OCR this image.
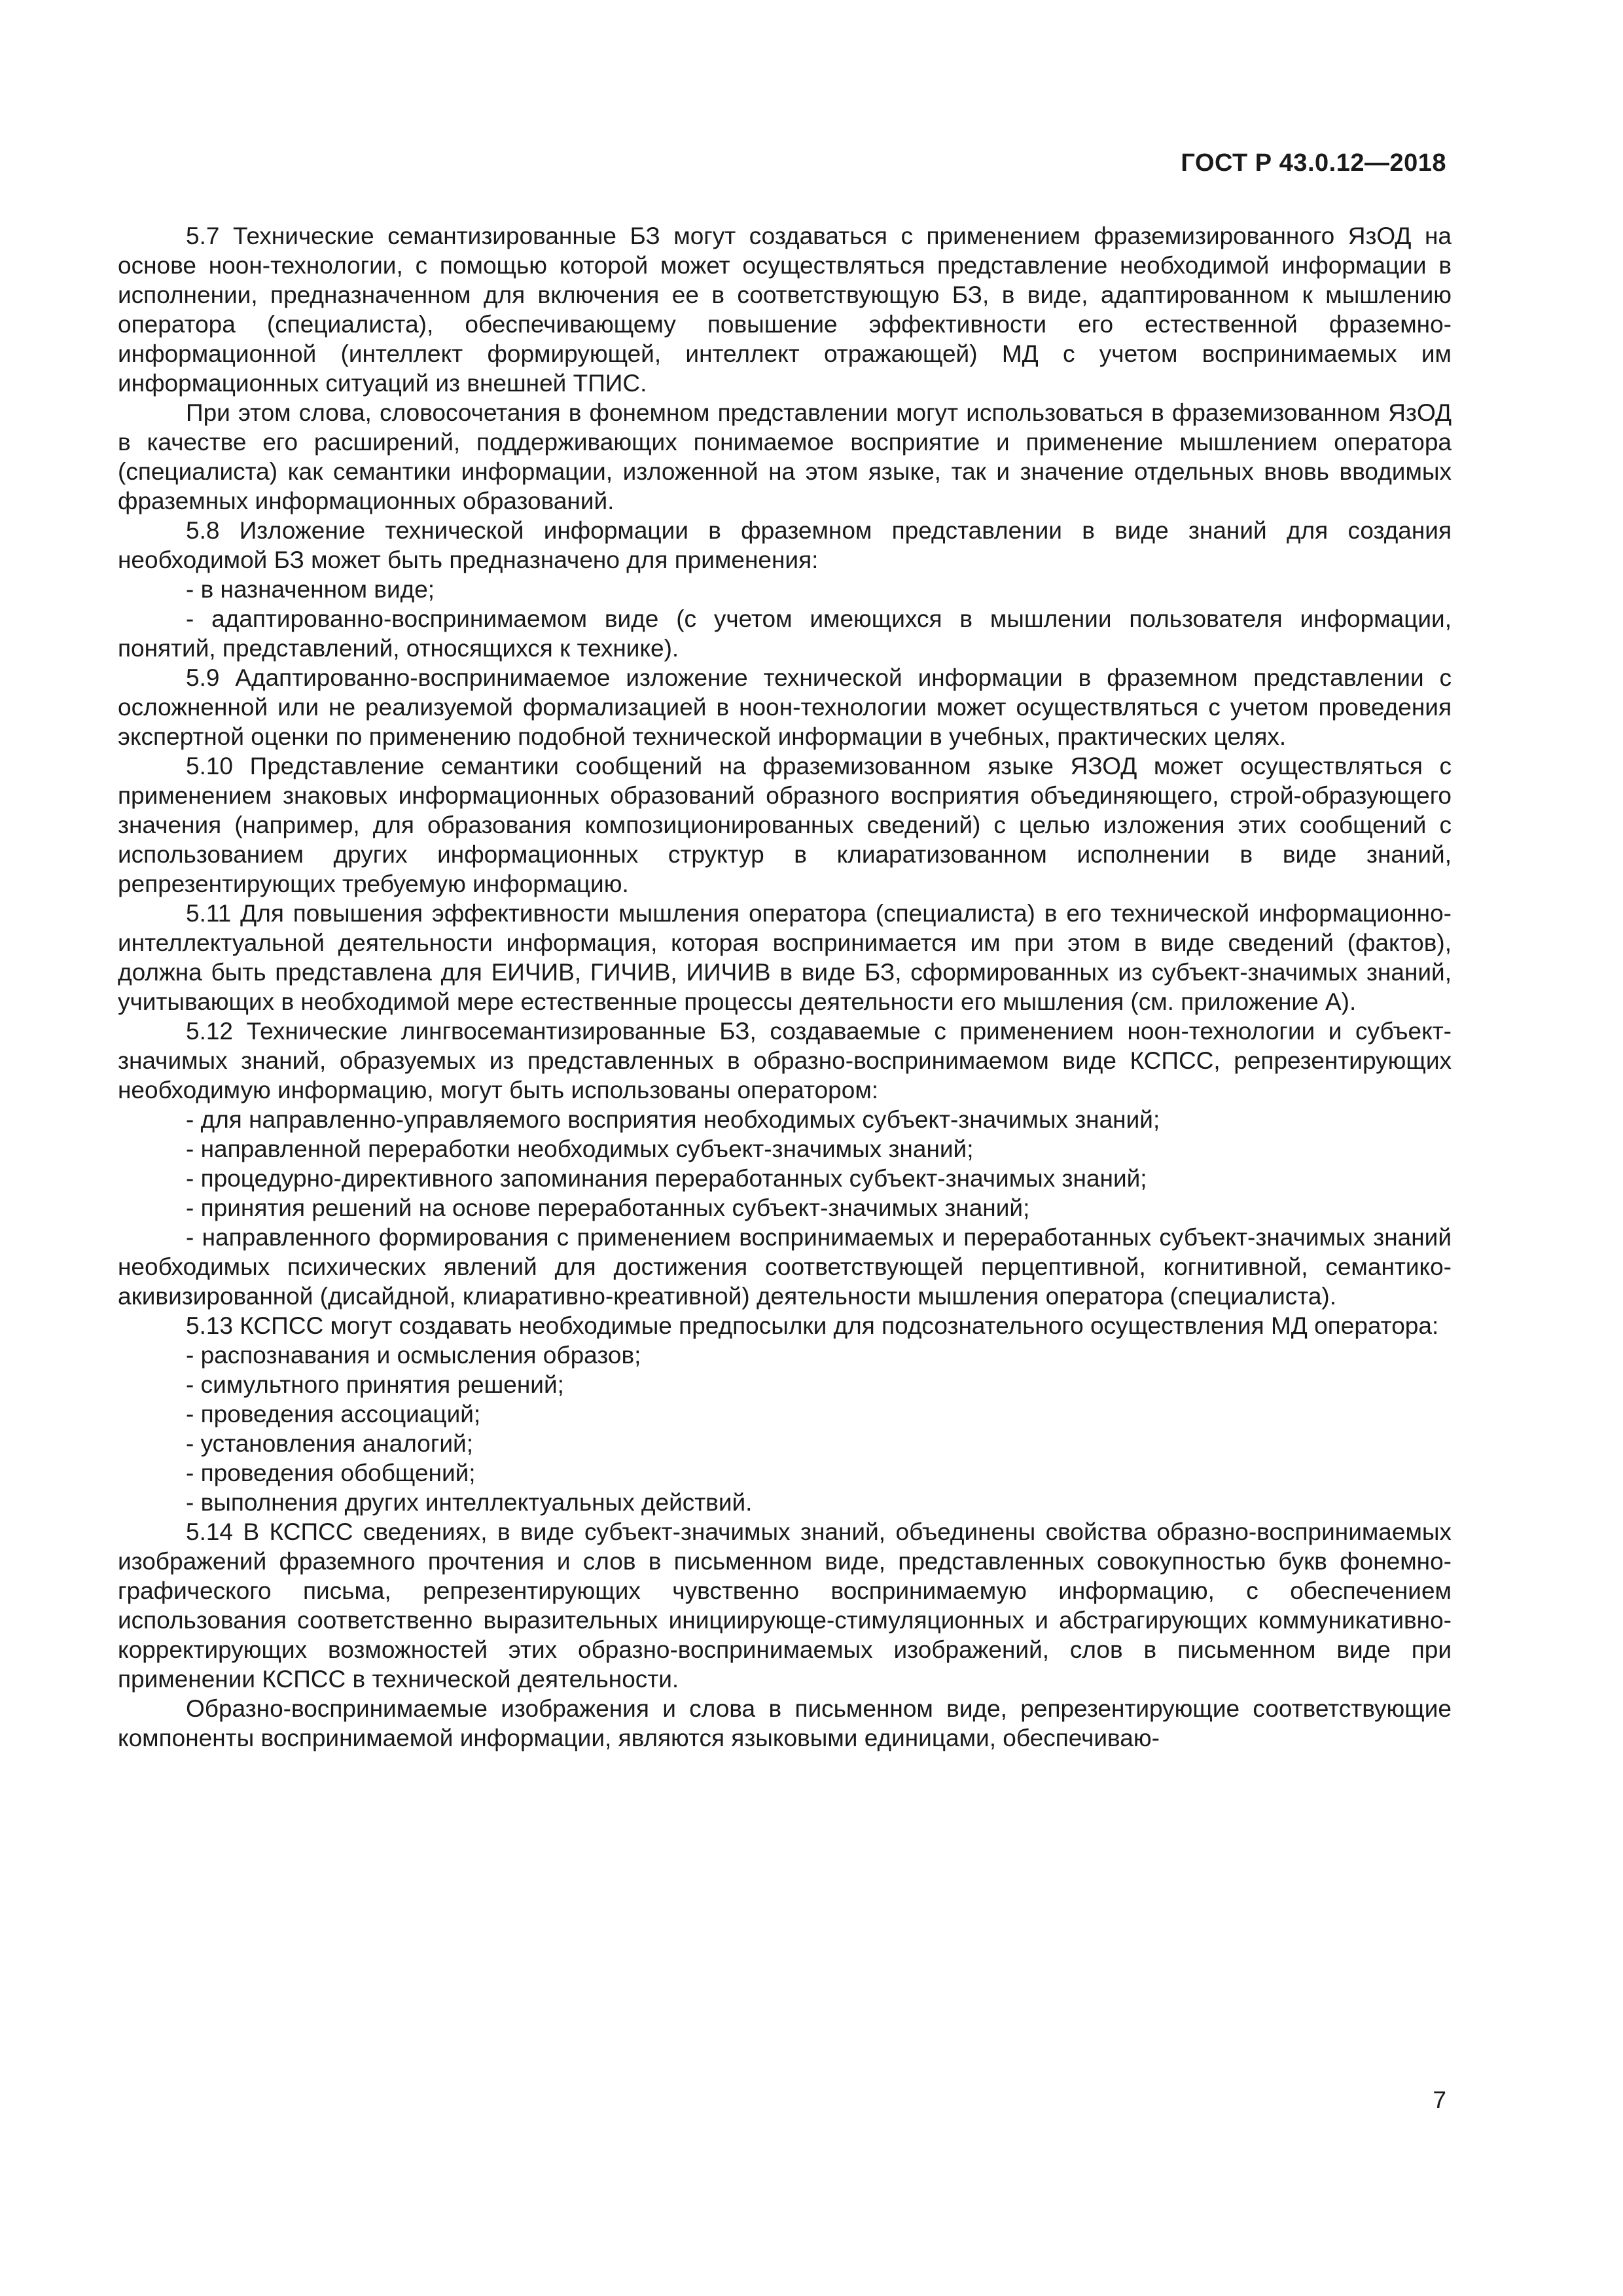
ГОСТ Р 43.0.12—2018

5.7 Технические семантизированные БЗ могут создаваться с применением фраземизированного ЯзОД на основе ноон-технологии, с помощью которой может осуществляться представление необходимой информации в исполнении, предназначенном для включения ее в соответствующую БЗ, в виде, адаптированном к мышлению оператора (специалиста), обеспечивающему повышение эффективности его естественной фраземно-информационной (интеллект формирующей, интеллект отражающей) МД с учетом воспринимаемых им информационных ситуаций из внешней ТПИС.

При этом слова, словосочетания в фонемном представлении могут использоваться в фраземизованном ЯзОД в качестве его расширений, поддерживающих понимаемое восприятие и применение мышлением оператора (специалиста) как семантики информации, изложенной на этом языке, так и значение отдельных вновь вводимых фраземных информационных образований.

5.8 Изложение технической информации в фраземном представлении в виде знаний для создания необходимой БЗ может быть предназначено для применения:

- в назначенном виде;

- адаптированно-воспринимаемом виде (с учетом имеющихся в мышлении пользователя информации, понятий, представлений, относящихся к технике).

5.9 Адаптированно-воспринимаемое изложение технической информации в фраземном представлении с осложненной или не реализуемой формализацией в ноон-технологии может осуществляться с учетом проведения экспертной оценки по применению подобной технической информации в учебных, практических целях.

5.10 Представление семантики сообщений на фраземизованном языке ЯЗОД может осуществляться с применением знаковых информационных образований образного восприятия объединяющего, строй-образующего значения (например, для образования композиционированных сведений) с целью изложения этих сообщений с использованием других информационных структур в клиаратизованном исполнении в виде знаний, репрезентирующих требуемую информацию.

5.11 Для повышения эффективности мышления оператора (специалиста) в его технической информационно-интеллектуальной деятельности информация, которая воспринимается им при этом в виде сведений (фактов), должна быть представлена для ЕИЧИВ, ГИЧИВ, ИИЧИВ в виде БЗ, сформированных из субъект-значимых знаний, учитывающих в необходимой мере естественные процессы деятельности его мышления (см. приложение А).

5.12 Технические лингвосемантизированные БЗ, создаваемые с применением ноон-технологии и субъект-значимых знаний, образуемых из представленных в образно-воспринимаемом виде КСПСС, репрезентирующих необходимую информацию, могут быть использованы оператором:

- для направленно-управляемого восприятия необходимых субъект-значимых знаний;

- направленной переработки необходимых субъект-значимых знаний;

- процедурно-директивного запоминания переработанных субъект-значимых знаний;

- принятия решений на основе переработанных субъект-значимых знаний;

- направленного формирования с применением воспринимаемых и переработанных субъект-значимых знаний необходимых психических явлений для достижения соответствующей перцептивной, когнитивной, семантико-акивизированной (дисайдной, клиаративно-креативной) деятельности мышления оператора (специалиста).

5.13 КСПСС могут создавать необходимые предпосылки для подсознательного осуществления МД оператора:

- распознавания и осмысления образов;

- симультного принятия решений;

- проведения ассоциаций;

- установления аналогий;

- проведения обобщений;

- выполнения других интеллектуальных действий.

5.14 В КСПСС сведениях, в виде субъект-значимых знаний, объединены свойства образно-воспринимаемых изображений фраземного прочтения и слов в письменном виде, представленных совокупностью букв фонемно-графического письма, репрезентирующих чувственно воспринимаемую информацию, с обеспечением использования соответственно выразительных инициирующе-стимуляционных и абстрагирующих коммуникативно-корректирующих возможностей этих образно-воспринимаемых изображений, слов в письменном виде при применении КСПСС в технической деятельности.

Образно-воспринимаемые изображения и слова в письменном виде, репрезентирующие соответствующие компоненты воспринимаемой информации, являются языковыми единицами, обеспечиваю-

7
